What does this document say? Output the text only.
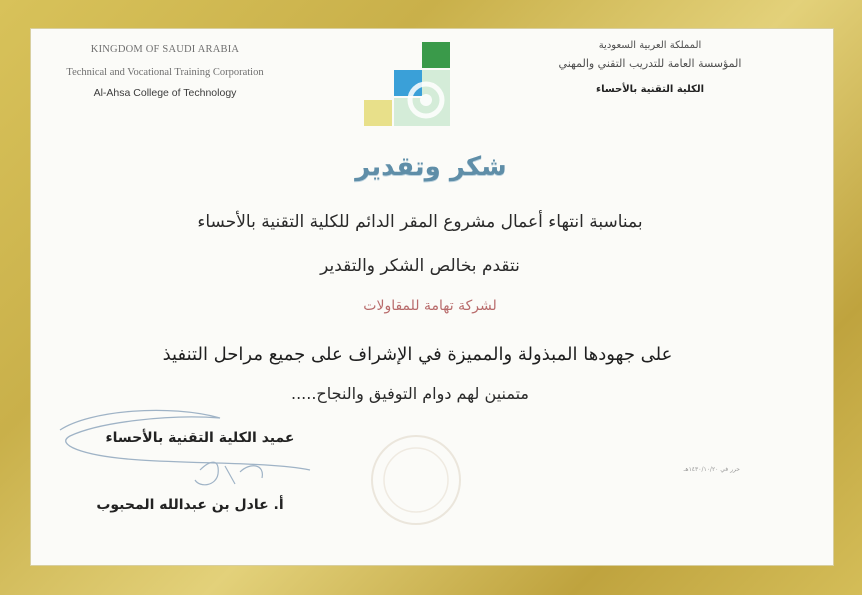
KINGDOM OF SAUDI ARABIA
Technical and Vocational Training Corporation
Al-Ahsa College of Technology
المملكة العربية السعودية
المؤسسة العامة للتدريب التقني والمهني
الكلية التقنية بالأحساء
شكر وتقدير
بمناسبة انتهاء أعمال مشروع المقر الدائم للكلية التقنية بالأحساء
نتقدم بخالص الشكر والتقدير
لشركة تهامة للمقاولات
على جهودها المبذولة والمميزة في الإشراف على جميع مراحل التنفيذ
متمنين لهم دوام التوفيق والنجاح.....
عميد الكلية التقنية بالأحساء
حرر في ١٤٣٠/١٠/٢٠هـ
أ. عادل بن عبدالله المحبوب
